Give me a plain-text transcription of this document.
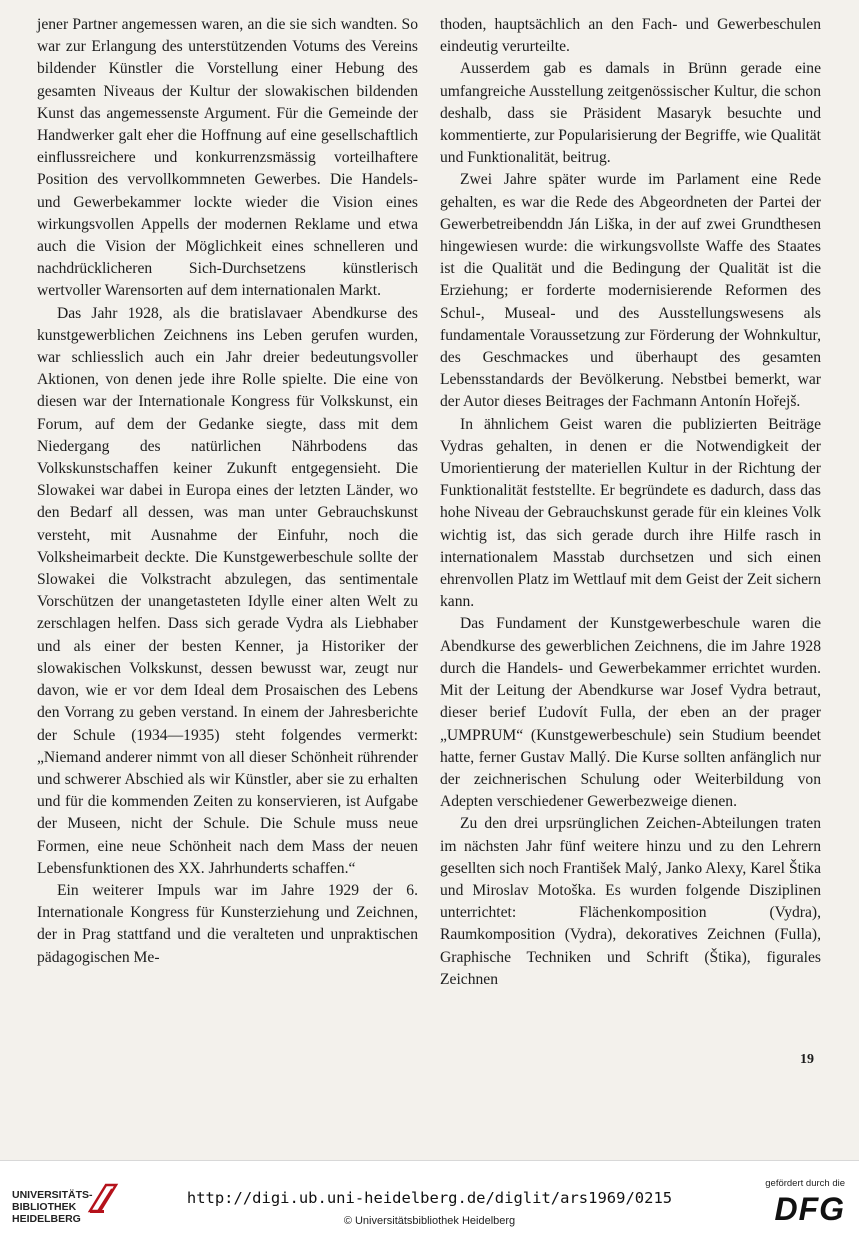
jener Partner angemessen waren, an die sie sich wandten. So war zur Erlangung des unterstützenden Votums des Vereins bildender Künstler die Vorstellung einer Hebung des gesamten Niveaus der Kultur der slowakischen bildenden Kunst das angemessenste Argument. Für die Gemeinde der Handwerker galt eher die Hoffnung auf eine gesellschaftlich einflussreichere und konkurrenzsmässig vorteilhaftere Position des vervollkommneten Gewerbes. Die Handels- und Gewerbekammer lockte wieder die Vision eines wirkungsvollen Appells der modernen Reklame und etwa auch die Vision der Möglichkeit eines schnelleren und nachdrücklicheren Sich-Durchsetzens künstlerisch wertvoller Warensorten auf dem internationalen Markt.

Das Jahr 1928, als die bratislavaer Abendkurse des kunstgewerblichen Zeichnens ins Leben gerufen wurden, war schliesslich auch ein Jahr dreier bedeutungsvoller Aktionen, von denen jede ihre Rolle spielte. Die eine von diesen war der Internationale Kongress für Volkskunst, ein Forum, auf dem der Gedanke siegte, dass mit dem Niedergang des natürlichen Nährbodens das Volkskunstschaffen keiner Zukunft entgegensieht. Die Slowakei war dabei in Europa eines der letzten Länder, wo den Bedarf all dessen, was man unter Gebrauchskunst versteht, mit Ausnahme der Einfuhr, noch die Volksheimarbeit deckte. Die Kunstgewerbeschule sollte der Slowakei die Volkstracht abzulegen, das sentimentale Vorschützen der unangetasteten Idylle einer alten Welt zu zerschlagen helfen. Dass sich gerade Vydra als Liebhaber und als einer der besten Kenner, ja Historiker der slowakischen Volkskunst, dessen bewusst war, zeugt nur davon, wie er vor dem Ideal dem Prosaischen des Lebens den Vorrang zu geben verstand. In einem der Jahresberichte der Schule (1934—1935) steht folgendes vermerkt: „Niemand anderer nimmt von all dieser Schönheit rührender und schwerer Abschied als wir Künstler, aber sie zu erhalten und für die kommenden Zeiten zu konservieren, ist Aufgabe der Museen, nicht der Schule. Die Schule muss neue Formen, eine neue Schönheit nach dem Mass der neuen Lebensfunktionen des XX. Jahrhunderts schaffen.“

Ein weiterer Impuls war im Jahre 1929 der 6. Internationale Kongress für Kunsterziehung und Zeichnen, der in Prag stattfand und die veralteten und unpraktischen pädagogischen Me-

thoden, hauptsächlich an den Fach- und Gewerbeschulen eindeutig verurteilte.

Ausserdem gab es damals in Brünn gerade eine umfangreiche Ausstellung zeitgenössischer Kultur, die schon deshalb, dass sie Präsident Masaryk besuchte und kommentierte, zur Popularisierung der Begriffe, wie Qualität und Funktionalität, beitrug.

Zwei Jahre später wurde im Parlament eine Rede gehalten, es war die Rede des Abgeordneten der Partei der Gewerbetreibenddn Ján Liška, in der auf zwei Grundthesen hingewiesen wurde: die wirkungsvollste Waffe des Staates ist die Qualität und die Bedingung der Qualität ist die Erziehung; er forderte modernisierende Reformen des Schul-, Museal- und des Ausstellungswesens als fundamentale Voraussetzung zur Förderung der Wohnkultur, des Geschmackes und überhaupt des gesamten Lebensstandards der Bevölkerung. Nebstbei bemerkt, war der Autor dieses Beitrages der Fachmann Antonín Hořejš.

In ähnlichem Geist waren die publizierten Beiträge Vydras gehalten, in denen er die Notwendigkeit der Umorientierung der materiellen Kultur in der Richtung der Funktionalität feststellte. Er begründete es dadurch, dass das hohe Niveau der Gebrauchskunst gerade für ein kleines Volk wichtig ist, das sich gerade durch ihre Hilfe rasch in internationalem Masstab durchsetzen und sich einen ehrenvollen Platz im Wettlauf mit dem Geist der Zeit sichern kann.

Das Fundament der Kunstgewerbeschule waren die Abendkurse des gewerblichen Zeichnens, die im Jahre 1928 durch die Handels- und Gewerbekammer errichtet wurden. Mit der Leitung der Abendkurse war Josef Vydra betraut, dieser berief Ľudovít Fulla, der eben an der prager „UMPRUM“ (Kunstgewerbeschule) sein Studium beendet hatte, ferner Gustav Mallý. Die Kurse sollten anfänglich nur der zeichnerischen Schulung oder Weiterbildung von Adepten verschiedener Gewerbezweige dienen.

Zu den drei urpsrünglichen Zeichen-Abteilungen traten im nächsten Jahr fünf weitere hinzu und zu den Lehrern gesellten sich noch František Malý, Janko Alexy, Karel Štika und Miroslav Motoška. Es wurden folgende Disziplinen unterrichtet: Flächenkomposition (Vydra), Raumkomposition (Vydra), dekoratives Zeichnen (Fulla), Graphische Techniken und Schrift (Štika), figurales Zeichnen

19
UNIVERSITÄTS-
BIBLIOTHEK
HEIDELBERG
http://digi.ub.uni-heidelberg.de/diglit/ars1969/0215
© Universitätsbibliothek Heidelberg
gefördert durch die
DFG
